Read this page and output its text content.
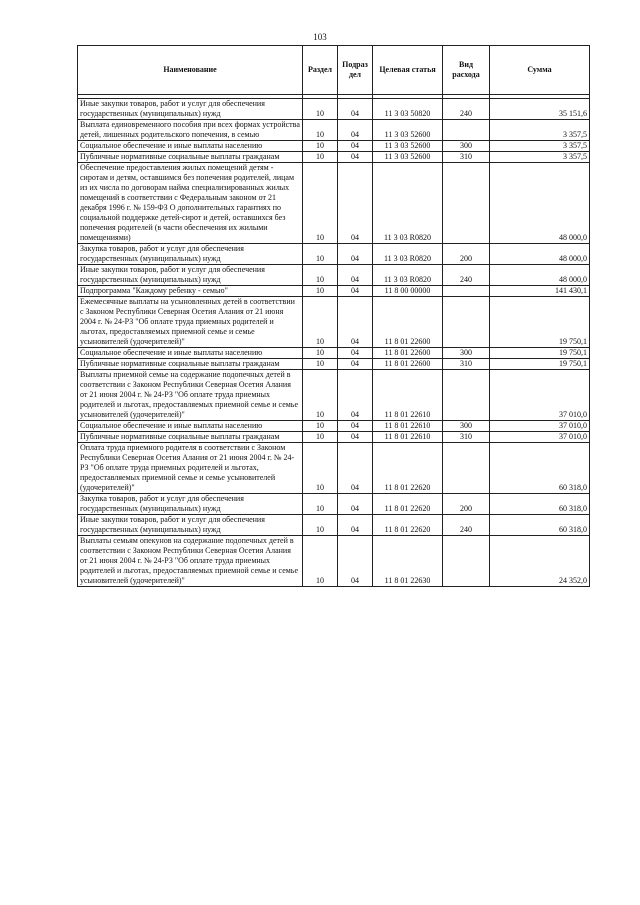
103
Наименование	Раздел	Подраз дел	Целевая статья	Вид расхода	Сумма

Иные закупки товаров, работ и услуг для обеспечения государственных (муниципальных) нужд	10	04	11 3 03 50820	240	35 151,6
Выплата единовременного пособия при всех формах устройства детей, лишенных родительского попечения, в семью	10	04	11 3 03 52600		3 357,5
Социальное обеспечение и иные выплаты населению	10	04	11 3 03 52600	300	3 357,5
Публичные нормативные социальные выплаты гражданам	10	04	11 3 03 52600	310	3 357,5
Обеспечение предоставления жилых помещений детям - сиротам и детям, оставшимся без попечения родителей, лицам из их числа по договорам найма специализированных жилых помещений в соответствии с Федеральным законом от 21 декабря 1996 г. № 159-ФЗ О дополнительных гарантиях по социальной поддержке детей-сирот и детей, оставшихся без попечения родителей (в части обеспечения их жилыми помещениями)	10	04	11 3 03 R0820		48 000,0
Закупка товаров, работ и услуг для обеспечения государственных (муниципальных) нужд	10	04	11 3 03 R0820	200	48 000,0
Иные закупки товаров, работ и услуг для обеспечения государственных (муниципальных) нужд	10	04	11 3 03 R0820	240	48 000,0
Подпрограмма "Каждому ребенку - семью"	10	04	11 8 00 00000		141 430,1
Ежемесячные выплаты на усыновленных детей в соответствии с Законом Республики Северная Осетия Алания от 21 июня 2004 г. № 24-РЗ "Об оплате труда приемных родителей и льготах, предоставляемых приемной семье и семье усыновителей (удочерителей)"	10	04	11 8 01 22600		19 750,1
Социальное обеспечение и иные выплаты населению	10	04	11 8 01 22600	300	19 750,1
Публичные нормативные социальные выплаты гражданам	10	04	11 8 01 22600	310	19 750,1
Выплаты приемной семье на содержание подопечных детей в соответствии с Законом Республики Северная Осетия Алания от 21 июня 2004 г. № 24-РЗ "Об оплате труда приемных родителей и льготах, предоставляемых приемной семье и семье усыновителей (удочерителей)"	10	04	11 8 01 22610		37 010,0
Социальное обеспечение и иные выплаты населению	10	04	11 8 01 22610	300	37 010,0
Публичные нормативные социальные выплаты гражданам	10	04	11 8 01 22610	310	37 010,0
Оплата труда приемного родителя в соответствии с Законом Республики Северная Осетия Алания от 21 июня 2004 г. № 24-РЗ "Об оплате труда приемных родителей и льготах, предоставляемых приемной семье и семье усыновителей (удочерителей)"	10	04	11 8 01 22620		60 318,0
Закупка товаров, работ и услуг для обеспечения государственных (муниципальных) нужд	10	04	11 8 01 22620	200	60 318,0
Иные закупки товаров, работ и услуг для обеспечения государственных (муниципальных) нужд	10	04	11 8 01 22620	240	60 318,0
Выплаты семьям опекунов на содержание подопечных детей в соответствии с Законом Республики Северная Осетия Алания от 21 июня 2004 г. № 24-РЗ "Об оплате труда приемных родителей и льготах, предоставляемых приемной семье и семье усыновителей (удочерителей)"	10	04	11 8 01 22630		24 352,0
